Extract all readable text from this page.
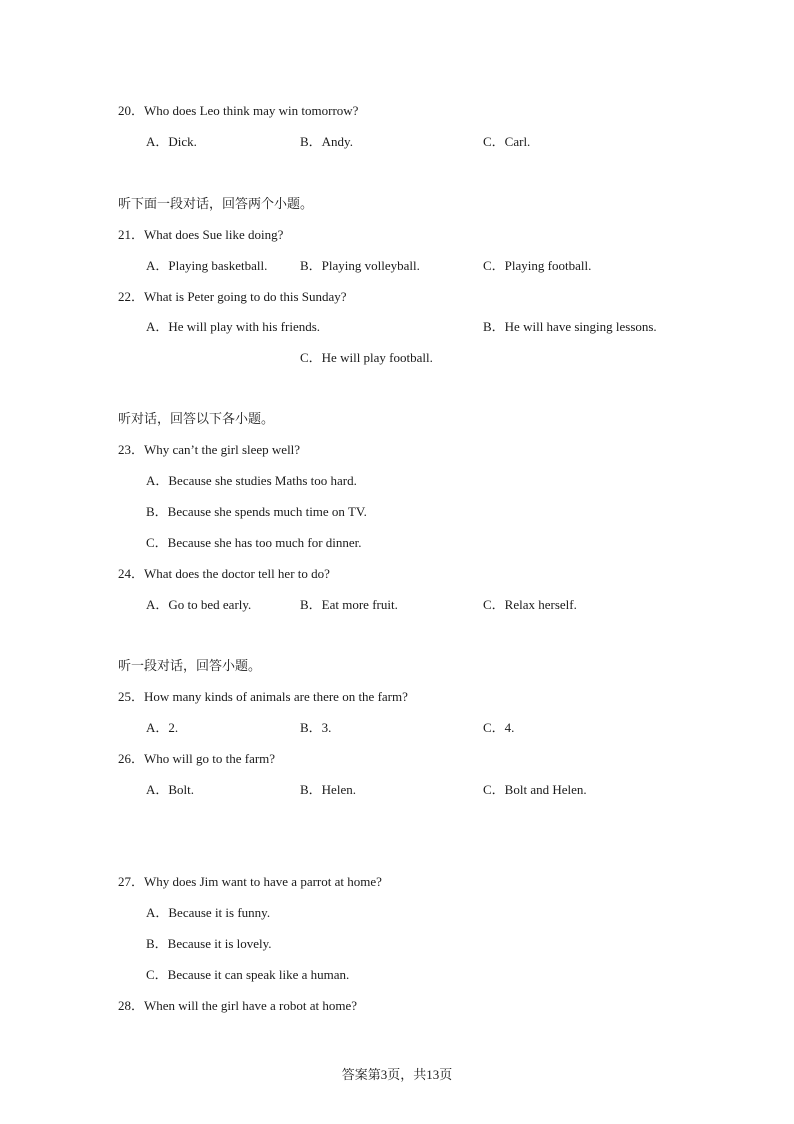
20．Who does Leo think may win tomorrow?
A．Dick.	B．Andy.	C．Carl.
听下面一段对话，回答两个小题。
21．What does Sue like doing?
A．Playing basketball.	B．Playing volleyball.	C．Playing football.
22．What is Peter going to do this Sunday?
A．He will play with his friends.	B．He will have singing lessons.
C．He will play football.
听对话，回答以下各小题。
23．Why can’t the girl sleep well?
A．Because she studies Maths too hard.
B．Because she spends much time on TV.
C．Because she has too much for dinner.
24．What does the doctor tell her to do?
A．Go to bed early.	B．Eat more fruit.	C．Relax herself.
听一段对话，回答小题。
25．How many kinds of animals are there on the farm?
A．2.	B．3.	C．4.
26．Who will go to the farm?
A．Bolt.	B．Helen.	C．Bolt and Helen.
27．Why does Jim want to have a parrot at home?
A．Because it is funny.
B．Because it is lovely.
C．Because it can speak like a human.
28．When will the girl have a robot at home?
答案第3页，共13页
